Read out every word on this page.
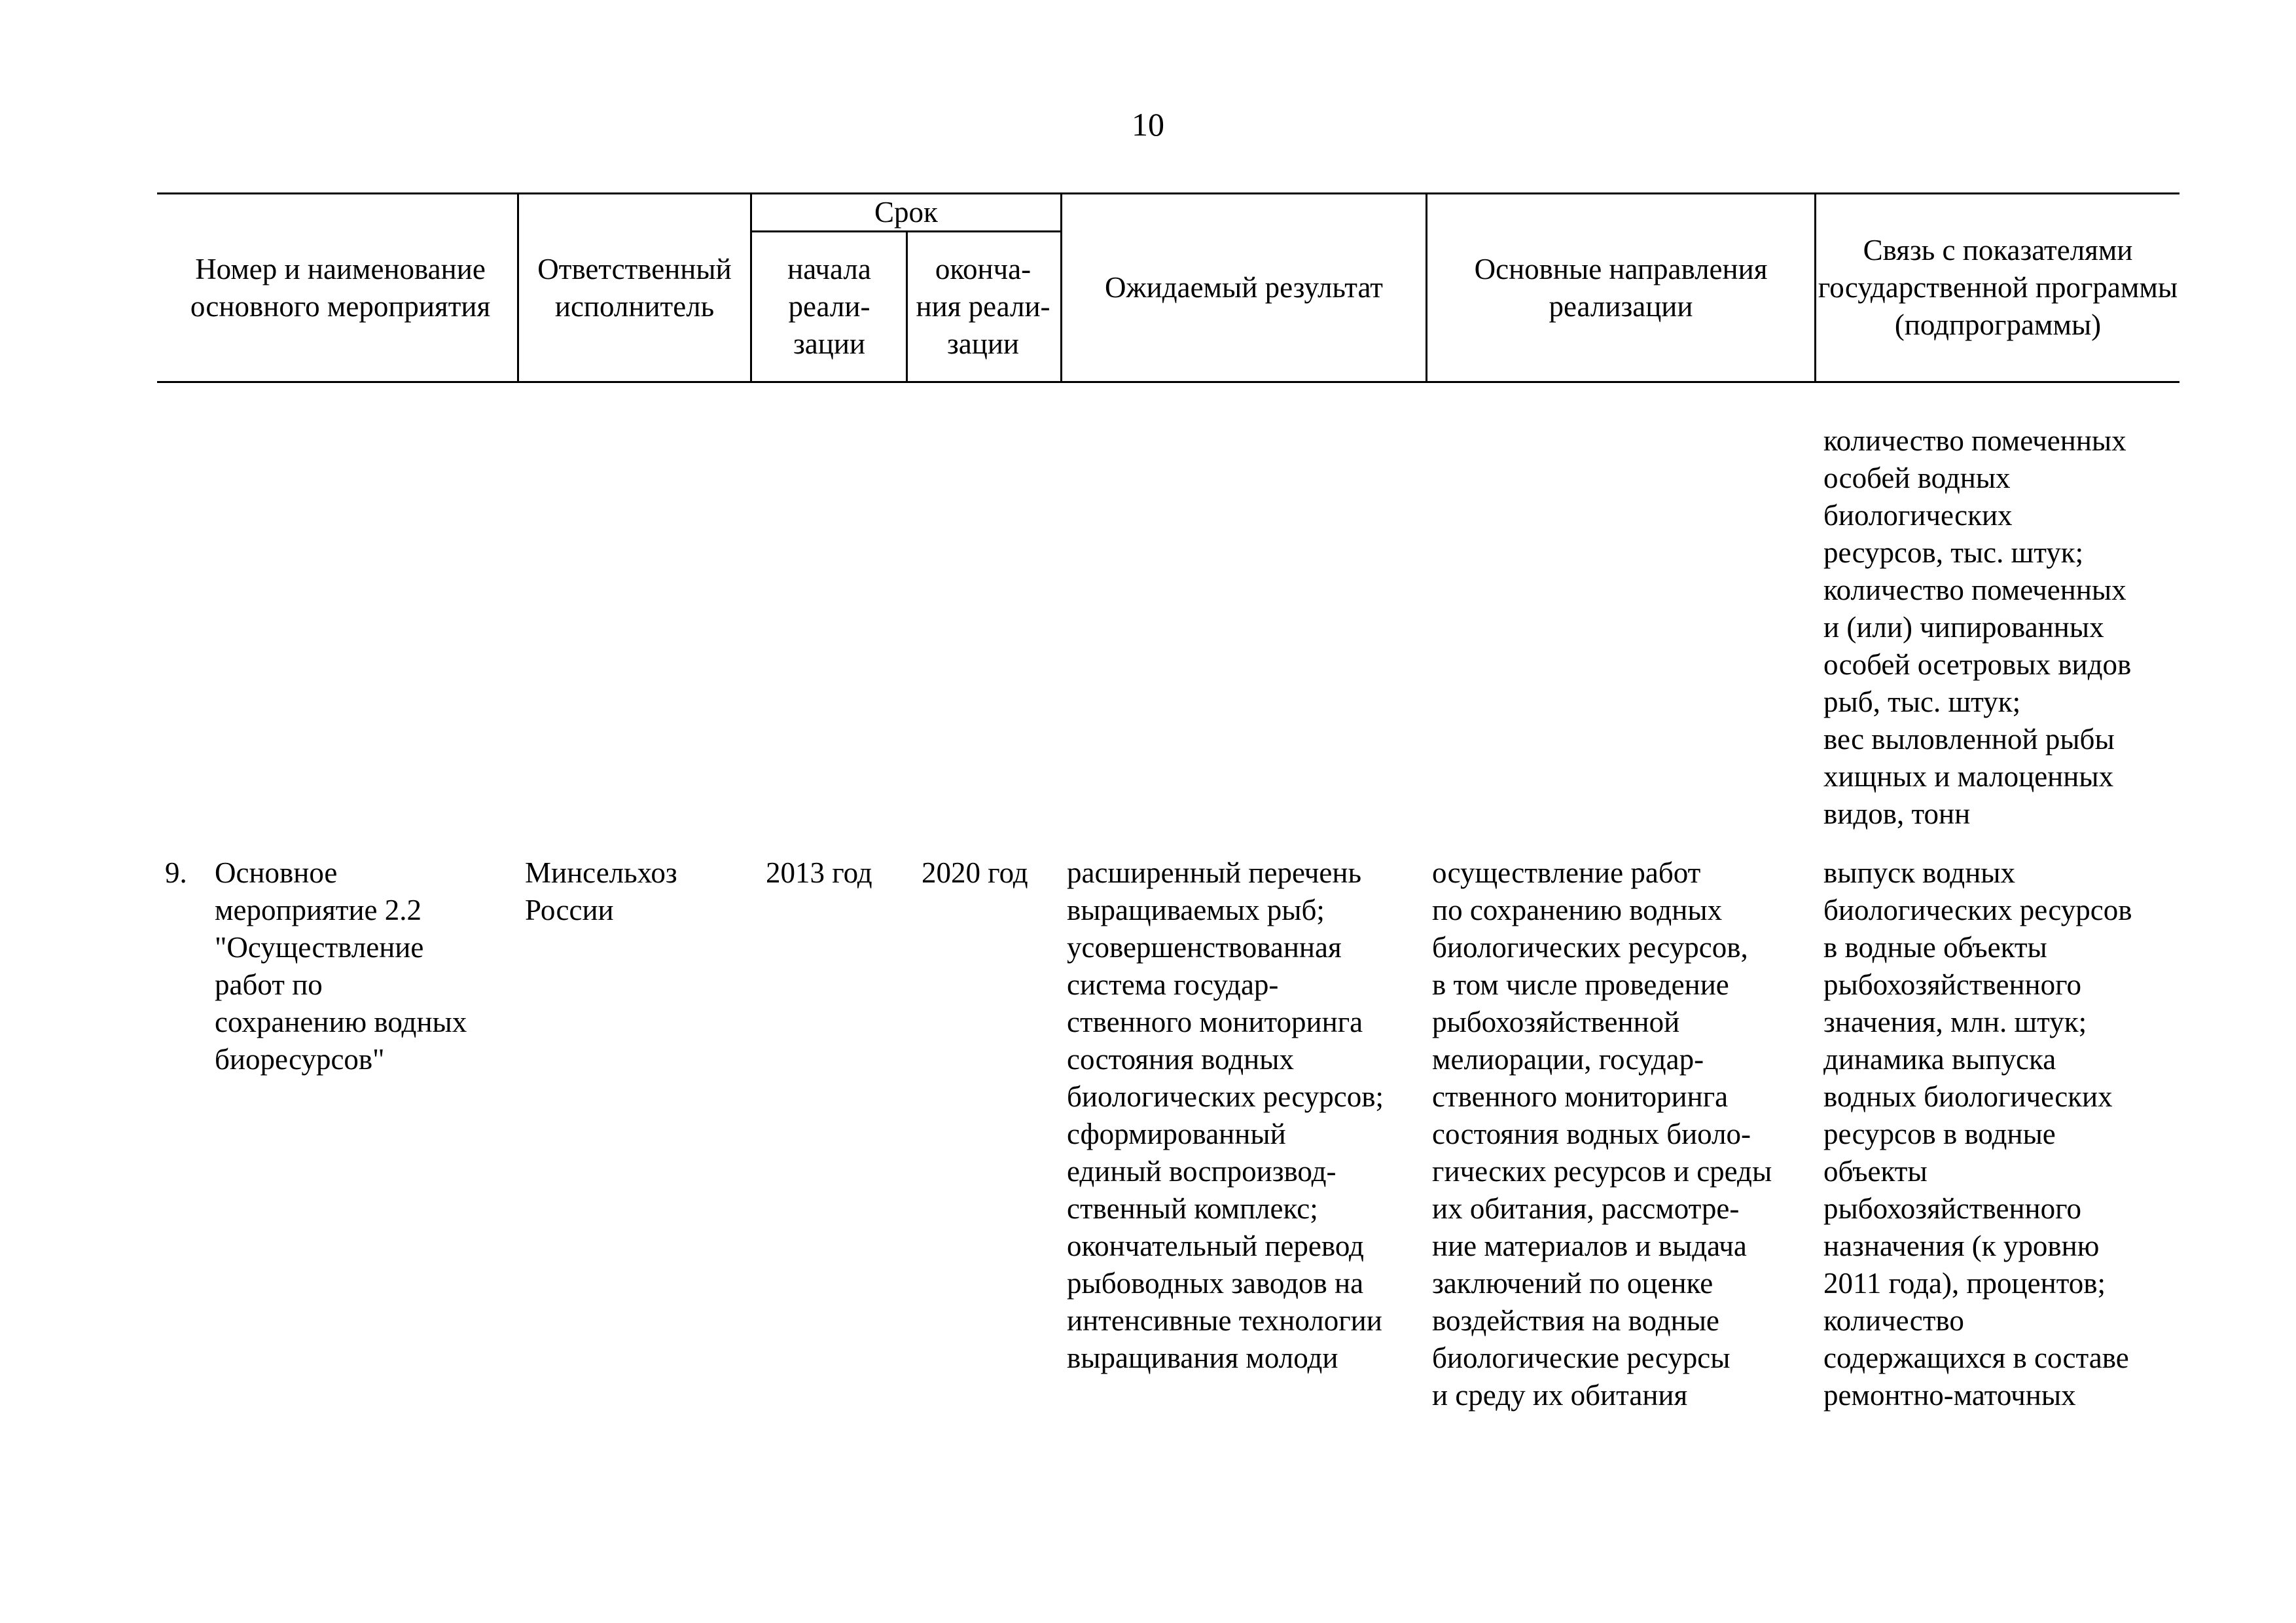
10
Номер и наименование основного мероприятия
Ответственный исполнитель
Срок
начала реали-зации
оконча-ния реали-зации
Ожидаемый результат
Основные направления реализации
Связь с показателями государственной программы (подпрограммы)
количество помеченных
особей водных
биологических
ресурсов, тыс. штук;
количество помеченных
и (или) чипированных
особей осетровых видов
рыб, тыс. штук;
вес выловленной рыбы
хищных и малоценных
видов, тонн
9. Основное
мероприятие 2.2
"Осуществление
работ по
сохранению водных
биоресурсов"
Минсельхоз
России
2013 год	2020 год	расширенный перечень
выращиваемых рыб;
усовершенствованная
система государ-
ственного мониторинга
состояния водных
биологических ресурсов;
сформированный
единый воспроизвод-
ственный комплекс;
окончательный перевод
рыбоводных заводов на
интенсивные технологии
выращивания молоди
осуществление работ
по сохранению водных
биологических ресурсов,
в том числе проведение
рыбохозяйственной
мелиорации, государ-
ственного мониторинга
состояния водных биоло-
гических ресурсов и среды
их обитания, рассмотре-
ние материалов и выдача
заключений по оценке
воздействия на водные
биологические ресурсы
и среду их обитания
выпуск водных
биологических ресурсов
в водные объекты
рыбохозяйственного
значения, млн. штук;
динамика выпуска
водных биологических
ресурсов в водные
объекты
рыбохозяйственного
назначения (к уровню
2011 года), процентов;
количество
содержащихся в составе
ремонтно-маточных
